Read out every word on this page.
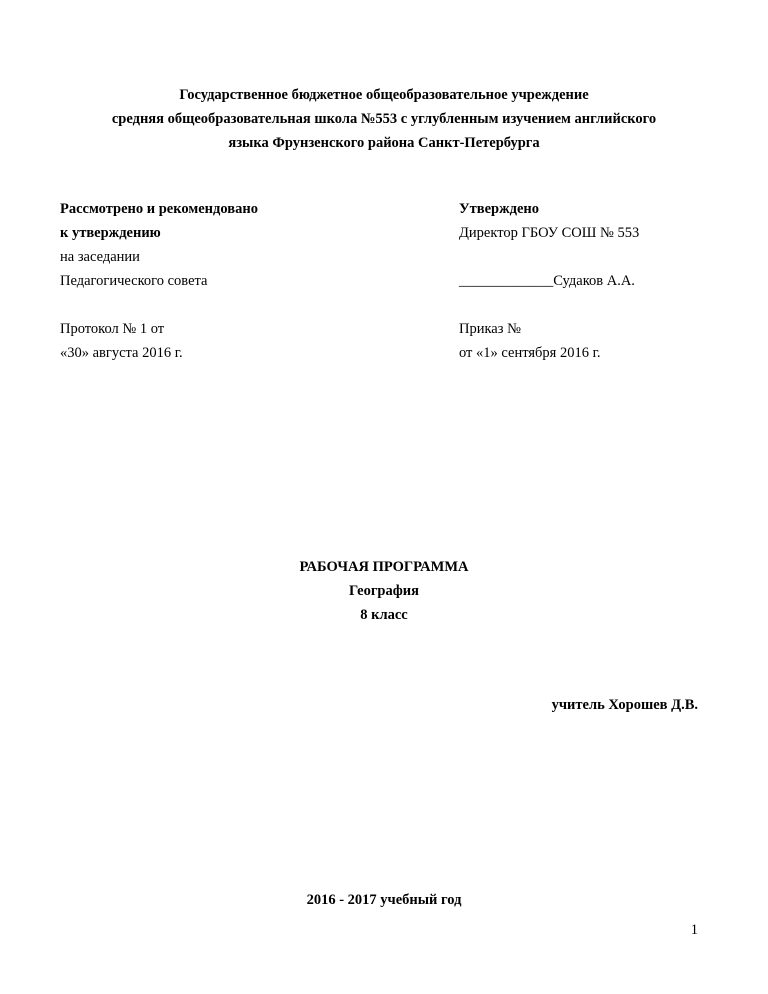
Государственное бюджетное общеобразовательное учреждение
средняя общеобразовательная школа №553 с углубленным изучением английского
языка Фрунзенского района Санкт-Петербурга
Рассмотрено и рекомендовано
к утверждению
на заседании
Педагогического совета
Протокол № 1 от
«30» августа 2016 г.
Утверждено
Директор ГБОУ СОШ № 553
_____________Судаков А.А.
Приказ №
от «1» сентября 2016 г.
РАБОЧАЯ ПРОГРАММА
География
8 класс
учитель Хорошев Д.В.
2016 - 2017 учебный год
1
